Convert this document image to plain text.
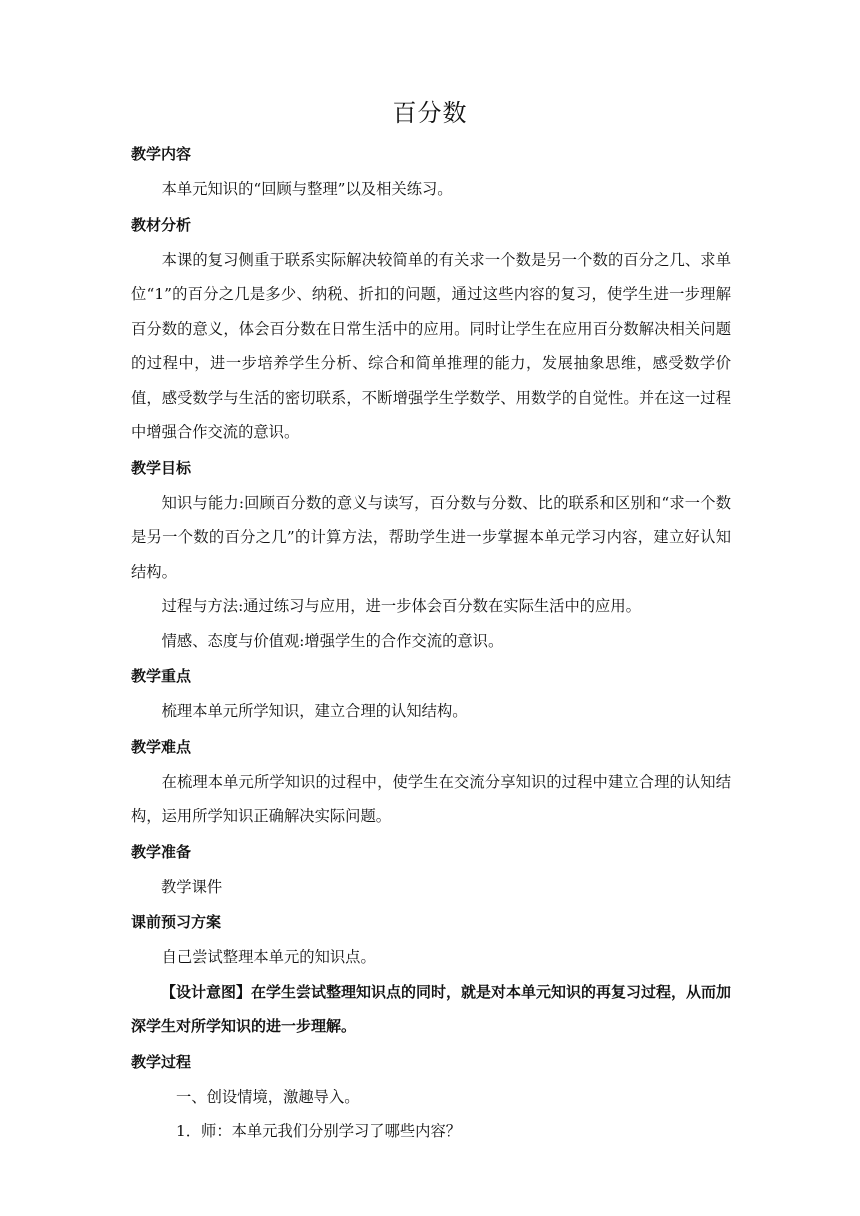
百分数
教学内容

本单元知识的“回顾与整理”以及相关练习。

教材分析

本课的复习侧重于联系实际解决较简单的有关求一个数是另一个数的百分之几、求单位“1”的百分之几是多少、纳税、折扣的问题，通过这些内容的复习，使学生进一步理解百分数的意义，体会百分数在日常生活中的应用。同时让学生在应用百分数解决相关问题的过程中，进一步培养学生分析、综合和简单推理的能力，发展抽象思维，感受数学价值，感受数学与生活的密切联系，不断增强学生学数学、用数学的自觉性。并在这一过程中增强合作交流的意识。

教学目标

知识与能力:回顾百分数的意义与读写，百分数与分数、比的联系和区别和“求一个数是另一个数的百分之几”的计算方法，帮助学生进一步掌握本单元学习内容，建立好认知结构。

过程与方法:通过练习与应用，进一步体会百分数在实际生活中的应用。

情感、态度与价值观:增强学生的合作交流的意识。

教学重点

梳理本单元所学知识，建立合理的认知结构。

教学难点

在梳理本单元所学知识的过程中，使学生在交流分享知识的过程中建立合理的认知结构，运用所学知识正确解决实际问题。

教学准备

教学课件

课前预习方案

自己尝试整理本单元的知识点。

【设计意图】在学生尝试整理知识点的同时，就是对本单元知识的再复习过程，从而加深学生对所学知识的进一步理解。

教学过程

一、创设情境，激趣导入。

1．师：本单元我们分别学习了哪些内容？
